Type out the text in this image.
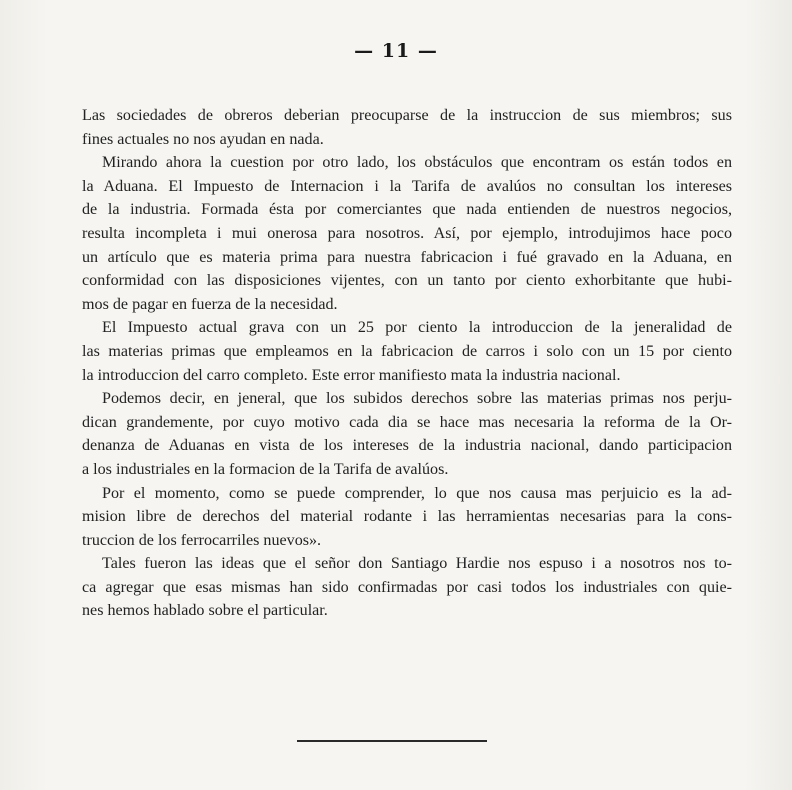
— 11 —

Las sociedades de obreros deberian preocuparse de la instruccion de sus miembros; sus
fines actuales no nos ayudan en nada.

Mirando ahora la cuestion por otro lado, los obstáculos que encontram os están todos en
la Aduana. El Impuesto de Internacion i la Tarifa de avalúos no consultan los intereses
de la industria. Formada ésta por comerciantes que nada entienden de nuestros negocios,
resulta incompleta i mui onerosa para nosotros. Así, por ejemplo, introdujimos hace poco
un artículo que es materia prima para nuestra fabricacion i fué gravado en la Aduana, en
conformidad con las disposiciones vijentes, con un tanto por ciento exhorbitante que hubi-
mos de pagar en fuerza de la necesidad.

El Impuesto actual grava con un 25 por ciento la introduccion de la jeneralidad de
las materias primas que empleamos en la fabricacion de carros i solo con un 15 por ciento
la introduccion del carro completo. Este error manifiesto mata la industria nacional.

Podemos decir, en jeneral, que los subidos derechos sobre las materias primas nos perju-
dican grandemente, por cuyo motivo cada dia se hace mas necesaria la reforma de la Or-
denanza de Aduanas en vista de los intereses de la industria nacional, dando participacion
a los industriales en la formacion de la Tarifa de avalúos.

Por el momento, como se puede comprender, lo que nos causa mas perjuicio es la ad-
mision libre de derechos del material rodante i las herramientas necesarias para la cons-
truccion de los ferrocarriles nuevos».

Tales fueron las ideas que el señor don Santiago Hardie nos espuso i a nosotros nos to-
ca agregar que esas mismas han sido confirmadas por casi todos los industriales con quie-
nes hemos hablado sobre el particular.
